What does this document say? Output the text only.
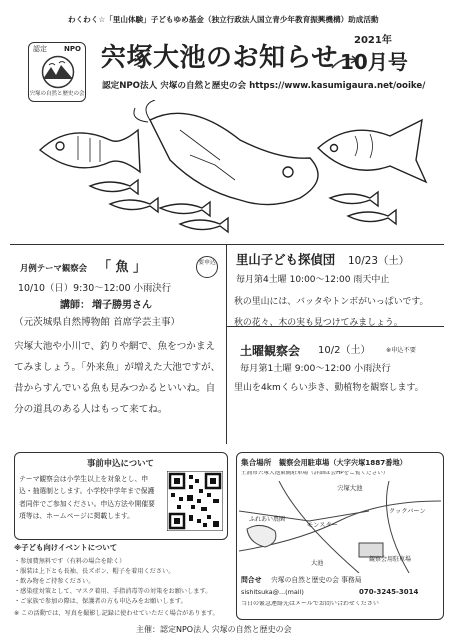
わくわく☆「里山体験」子どもゆめ基金（独立行政法人国立青少年教育振興機構）助成活動
認定 NPO
宍塚の自然と歴史の会
宍塚大池のお知らせ
2021年
10月号
認定NPO法人 宍塚の自然と歴史の会 https://www.kasumigaura.net/ooike/
月例テーマ観察会 「 魚 」	要申込
10/10（日）9:30～12:00 小雨決行
講師： 増子勝男さん
（元茨城県自然博物館 首席学芸主事）
宍塚大池や小川で、釣りや網で、魚をつかまえてみましょう。「外来魚」が増えた大池ですが、昔からすんでいる魚も見みつかるといいね。自分の道具のある人はもって来てね。
里山子ども探偵団 10/23（土）
毎月第4土曜 10:00～12:00 雨天中止
秋の里山には、バッタやトンボがいっぱいです。
秋の花々、木の実も見つけてみましょう。
土曜観察会 10/2（土）	※申込不要
毎月第1土曜 9:00～12:00 小雨決行
里山を4kmくらい歩き、動植物を観察します。
事前申込について
テーマ観察会は小学生以上を対象とし、申込・抽選制とします。小学校中学年まで保護者同伴でご参加ください。申込方法や開催要項等は、ホームページに掲載します。
※子ども向けイベントについて
・参加費無料です（有料の場合を除く）
・服装は上下とも長袖、長ズボン、帽子を着用ください。
・飲み物をご持参ください。
・感染症対策として、マスク着用、手指消毒等の対策をお願いします。
・ご家族で参加の際は、保護者の方も申込みをお願いします。
※ この活動では、写真を撮影し記録に使わせていただく場合があります。
集合場所 観察会用駐車場（大字宍塚1887番地）
土浦市宍塚大池東側駐車場（詳細は会HPをご覧ください）
宍塚大池
ふれあい農園
モンスター
クックバーン
観察会用駐車場
大池
問合せ 宍塚の自然と歴史の会 事務局
sishitsuka@...(mail)	070-3245-3014
当日の緊急連絡先はメールでお問い合わせください
主催：認定NPO法人 宍塚の自然と歴史の会
